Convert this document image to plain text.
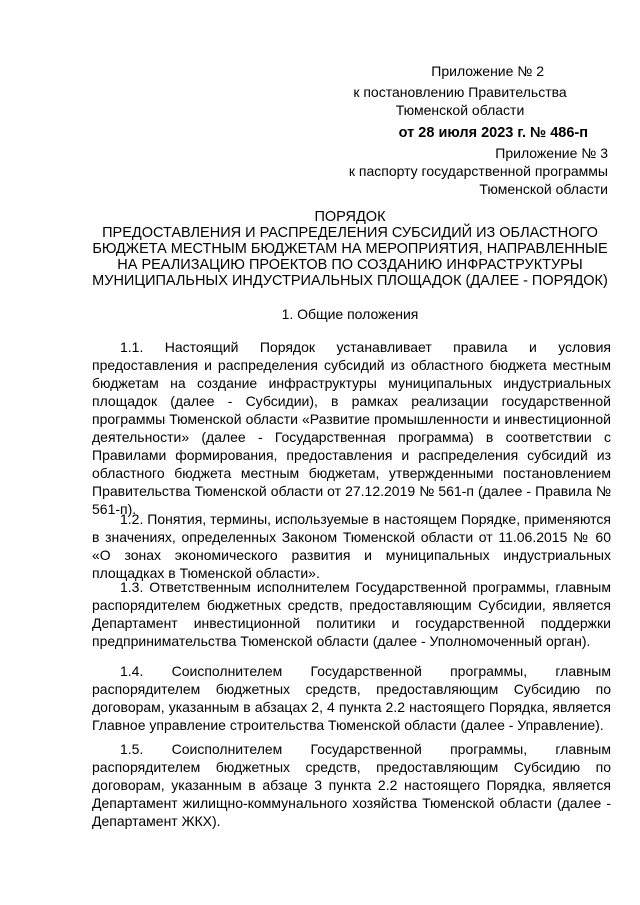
Приложение № 2
к постановлению Правительства
Тюменской области
от 28 июля 2023 г. № 486-п
Приложение № 3
к паспорту государственной программы
Тюменской области
ПОРЯДОК
ПРЕДОСТАВЛЕНИЯ И РАСПРЕДЕЛЕНИЯ СУБСИДИЙ ИЗ ОБЛАСТНОГО
БЮДЖЕТА МЕСТНЫМ БЮДЖЕТАМ НА МЕРОПРИЯТИЯ, НАПРАВЛЕННЫЕ
НА РЕАЛИЗАЦИЮ ПРОЕКТОВ ПО СОЗДАНИЮ ИНФРАСТРУКТУРЫ
МУНИЦИПАЛЬНЫХ ИНДУСТРИАЛЬНЫХ ПЛОЩАДОК (ДАЛЕЕ - ПОРЯДОК)
1. Общие положения

1.1. Настоящий Порядок устанавливает правила и условия предоставления и распределения субсидий из областного бюджета местным бюджетам на создание инфраструктуры муниципальных индустриальных площадок (далее - Субсидии), в рамках реализации государственной программы Тюменской области «Развитие промышленности и инвестиционной деятельности» (далее - Государственная программа) в соответствии с Правилами формирования, предоставления и распределения субсидий из областного бюджета местным бюджетам, утвержденными постановлением Правительства Тюменской области от 27.12.2019 № 561-п (далее - Правила № 561-п).

1.2. Понятия, термины, используемые в настоящем Порядке, применяются в значениях, определенных Законом Тюменской области от 11.06.2015 № 60 «О зонах экономического развития и муниципальных индустриальных площадках в Тюменской области».

1.3. Ответственным исполнителем Государственной программы, главным распорядителем бюджетных средств, предоставляющим Субсидии, является Департамент инвестиционной политики и государственной поддержки предпринимательства Тюменской области (далее - Уполномоченный орган).

1.4. Соисполнителем Государственной программы, главным распорядителем бюджетных средств, предоставляющим Субсидию по договорам, указанным в абзацах 2, 4 пункта 2.2 настоящего Порядка, является Главное управление строительства Тюменской области (далее - Управление).

1.5. Соисполнителем Государственной программы, главным распорядителем бюджетных средств, предоставляющим Субсидию по договорам, указанным в абзаце 3 пункта 2.2 настоящего Порядка, является Департамент жилищно-коммунального хозяйства Тюменской области (далее - Департамент ЖКХ).
